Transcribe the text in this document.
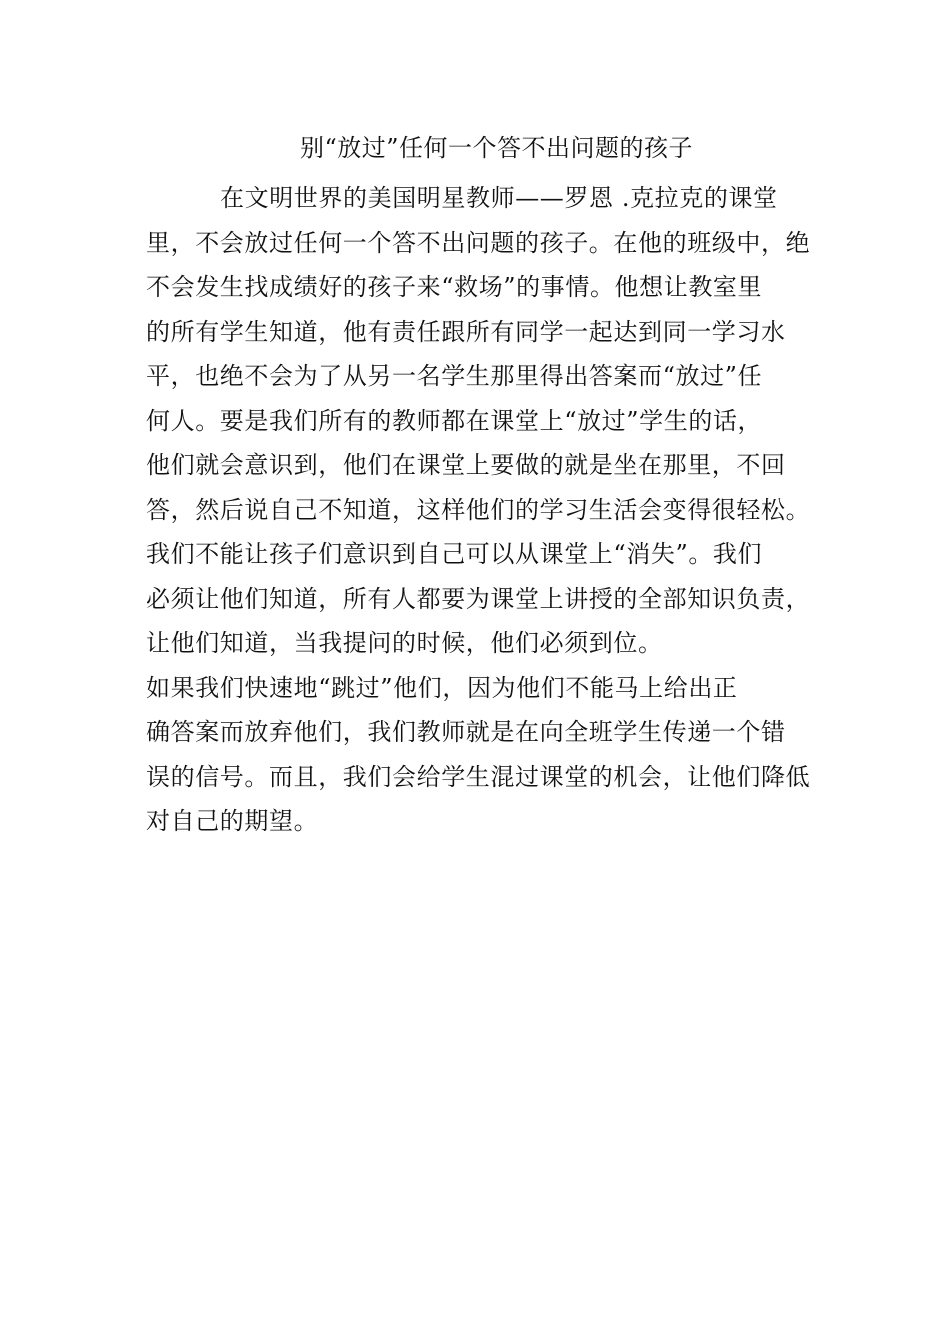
别“放过”任何一个答不出问题的孩子
在文明世界的美国明星教师——罗恩 .克拉克的课堂
里，不会放过任何一个答不出问题的孩子。在他的班级中，绝
不会发生找成绩好的孩子来“救场”的事情。他想让教室里
的所有学生知道，他有责任跟所有同学一起达到同一学习水
平，也绝不会为了从另一名学生那里得出答案而“放过”任
何人。要是我们所有的教师都在课堂上“放过”学生的话，
他们就会意识到，他们在课堂上要做的就是坐在那里，不回
答，然后说自己不知道，这样他们的学习生活会变得很轻松。
我们不能让孩子们意识到自己可以从课堂上“消失”。我们
必须让他们知道，所有人都要为课堂上讲授的全部知识负责，
让他们知道，当我提问的时候，他们必须到位。
如果我们快速地“跳过”他们，因为他们不能马上给出正
确答案而放弃他们，我们教师就是在向全班学生传递一个错
误的信号。而且，我们会给学生混过课堂的机会，让他们降低
对自己的期望。
